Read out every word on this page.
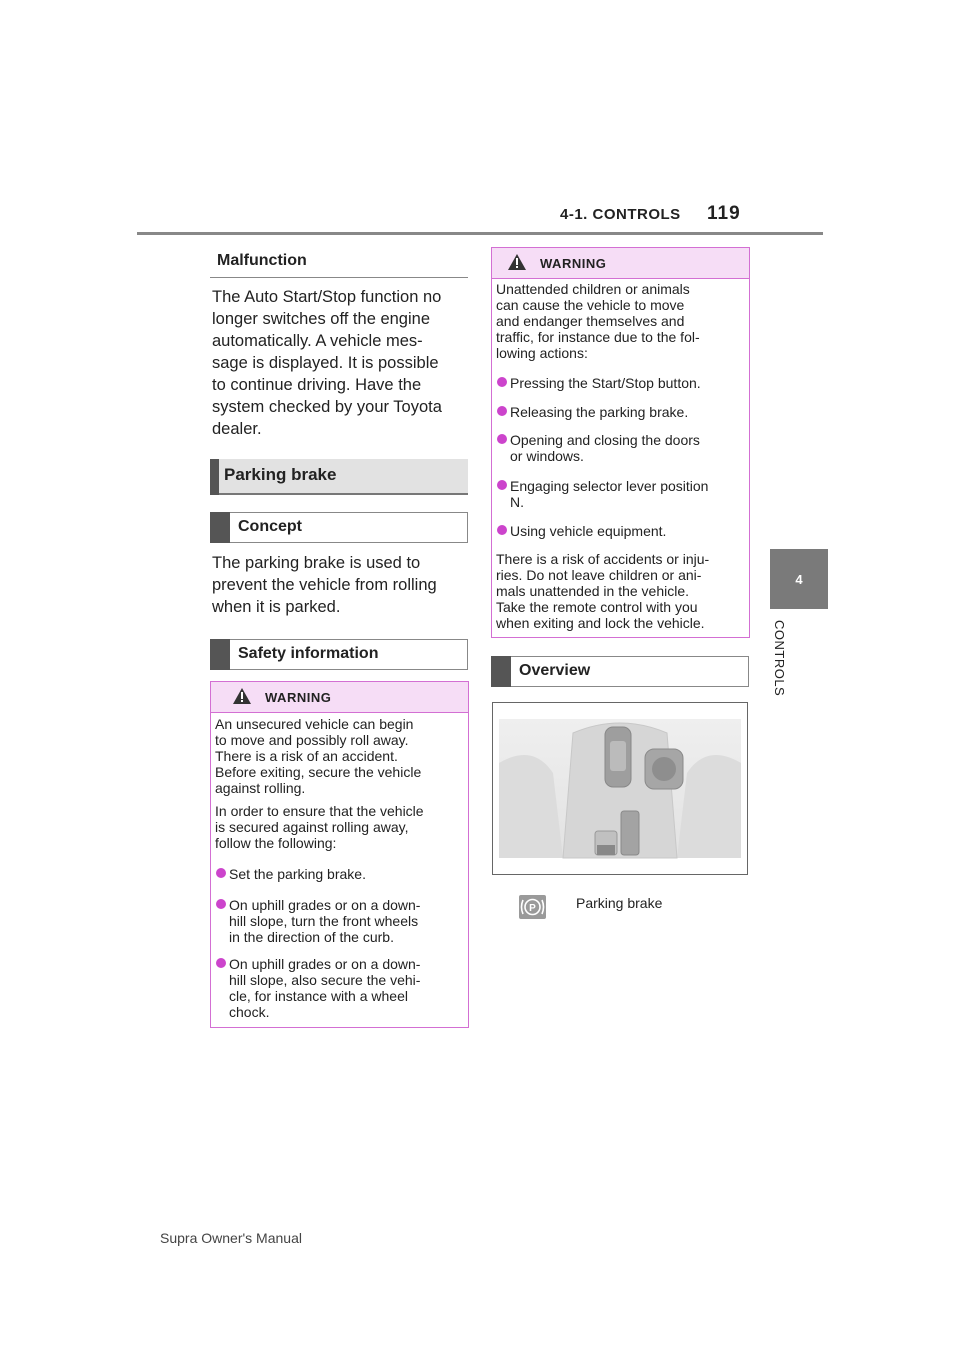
4-1. CONTROLS 119
4
CONTROLS
Malfunction
The Auto Start/Stop function no
longer switches off the engine
automatically. A vehicle mes-
sage is displayed. It is possible
to continue driving. Have the
system checked by your Toyota
dealer.
Parking brake
Concept
The parking brake is used to
prevent the vehicle from rolling
when it is parked.
Safety information
WARNING
An unsecured vehicle can begin
to move and possibly roll away.
There is a risk of an accident.
Before exiting, secure the vehicle
against rolling.
In order to ensure that the vehicle
is secured against rolling away,
follow the following:
Set the parking brake.
On uphill grades or on a down-
hill slope, turn the front wheels
in the direction of the curb.
On uphill grades or on a down-
hill slope, also secure the vehi-
cle, for instance with a wheel
chock.
WARNING
Unattended children or animals
can cause the vehicle to move
and endanger themselves and
traffic, for instance due to the fol-
lowing actions:
Pressing the Start/Stop button.
Releasing the parking brake.
Opening and closing the doors
or windows.
Engaging selector lever position
N.
Using vehicle equipment.
There is a risk of accidents or inju-
ries. Do not leave children or ani-
mals unattended in the vehicle.
Take the remote control with you
when exiting and lock the vehicle.
Overview
P	Parking brake
Supra Owner's Manual
